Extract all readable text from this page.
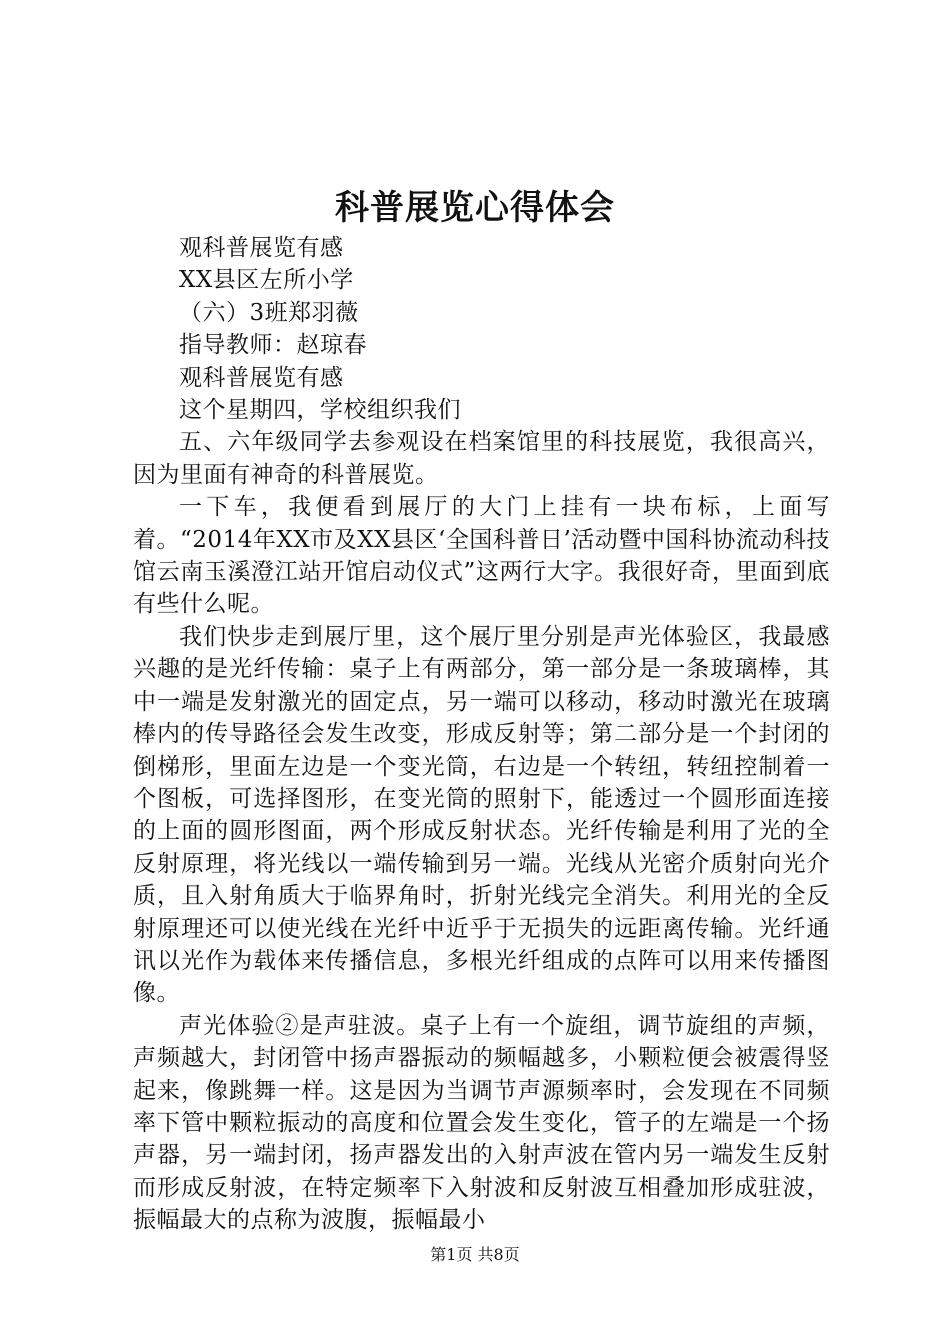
科普展览心得体会

观科普展览有感

XX县区左所小学

（六）3班郑羽薇

指导教师：赵琼春

观科普展览有感

这个星期四，学校组织我们

五、六年级同学去参观设在档案馆里的科技展览，我很高兴，因为里面有神奇的科普展览。

一下车，我便看到展厅的大门上挂有一块布标，上面写着。“2014年XX市及XX县区‘全国科普日’活动暨中国科协流动科技馆云南玉溪澄江站开馆启动仪式”这两行大字。我很好奇，里面到底有些什么呢。

我们快步走到展厅里，这个展厅里分别是声光体验区，我最感兴趣的是光纤传输：桌子上有两部分，第一部分是一条玻璃棒，其中一端是发射激光的固定点，另一端可以移动，移动时激光在玻璃棒内的传导路径会发生改变，形成反射等；第二部分是一个封闭的倒梯形，里面左边是一个变光筒，右边是一个转纽，转纽控制着一个图板，可选择图形，在变光筒的照射下，能透过一个圆形面连接的上面的圆形图面，两个形成反射状态。光纤传输是利用了光的全反射原理，将光线以一端传输到另一端。光线从光密介质射向光介质，且入射角质大于临界角时，折射光线完全消失。利用光的全反射原理还可以使光线在光纤中近乎于无损失的远距离传输。光纤通讯以光作为载体来传播信息，多根光纤组成的点阵可以用来传播图像。

声光体验②是声驻波。桌子上有一个旋组，调节旋组的声频，声频越大，封闭管中扬声器振动的频幅越多，小颗粒便会被震得竖起来，像跳舞一样。这是因为当调节声源频率时，会发现在不同频率下管中颗粒振动的高度和位置会发生变化，管子的左端是一个扬声器，另一端封闭，扬声器发出的入射声波在管内另一端发生反射而形成反射波，在特定频率下入射波和反射波互相叠加形成驻波，振幅最大的点称为波腹，振幅最小

第1页 共8页
